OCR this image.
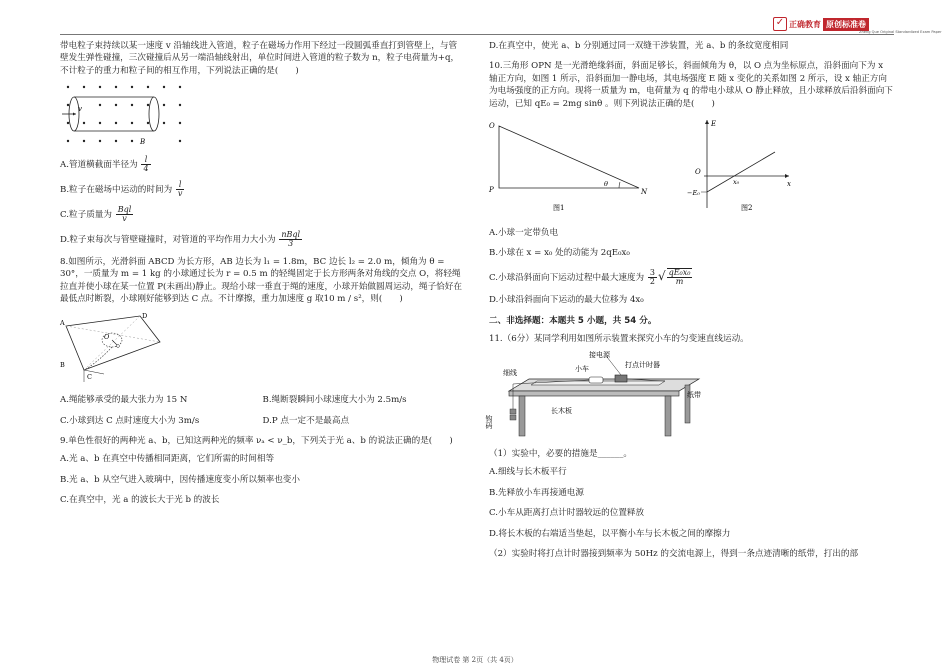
✓ 正确教育 原创标准卷
Zheng Que Original Standardized Exam Paper

带电粒子束持续以某一速度 v 沿轴线进入管道，粒子在磁场力作用下经过一段圆弧垂直打到管壁上，与管壁发生弹性碰撞，三次碰撞后从另一端沿轴线射出，单位时间进入管道的粒子数为 n，粒子电荷量为+q，不计粒子的重力和粒子间的相互作用，下列说法正确的是(　　)

v
B
A.管道横截面半径为 $\frac{l}{4}$
B.粒子在磁场中运动的时间为 $\frac{l}{v}$
C.粒子质量为 $\frac{\text{Bql}}{v}$
D.粒子束每次与管壁碰撞时，对管道的平均作用力大小为 $\frac{\text{nBql}}{3}$

8.如图所示，光滑斜面 ABCD 为长方形，AB 边长为 l₁ = 1.8m，BC 边长 l₂ = 2.0 m，倾角为 θ = 30°，一质量为 m = 1 kg 的小球通过长为 r = 0.5 m 的轻绳固定于长方形两条对角线的交点 O，将轻绳拉直并使小球在某一位置 P(未画出)静止。现给小球一垂直于绳的速度，小球开始做圆周运动，绳子恰好在最低点时断裂，小球刚好能够到达 C 点。不计摩擦，重力加速度 g 取10 m / s²，则(　　)

A
D
B
C
O
A.绳能够承受的最大张力为 15 N	B.绳断裂瞬间小球速度大小为 2.5m/s
C.小球到达 C 点时速度大小为 3m/s	D.P 点一定不是最高点

9.单色性很好的两种光 a、b，已知这两种光的频率 νₐ < ν_b，下列关于光 a、b 的说法正确的是(　　)

A.光 a、b 在真空中传播相同距离，它们所需的时间相等
B.光 a、b 从空气进入玻璃中，因传播速度变小所以频率也变小
C.在真空中，光 a 的波长大于光 b 的波长
D.在真空中，使光 a、b 分别通过同一双缝干涉装置，光 a、b 的条纹宽度相同

10.三角形 OPN 是一光滑绝缘斜面，斜面足够长，斜面倾角为 θ，以 O 点为坐标原点，沿斜面向下为 x 轴正方向，如图 1 所示，沿斜面加一静电场，其电场强度 E 随 x 变化的关系如图 2 所示，设 x 轴正方向为电场强度的正方向。现将一质量为 m，电荷量为 q 的带电小球从 O 静止释放，且小球释放后沿斜面向下运动，已知 qE₀ = 2mg sinθ 。则下列说法正确的是(　　)

O
P	N
θ
图1
E
O
x
x₀
−E₀
图2
A.小球一定带负电
B.小球在 x = x₀ 处的动能为 2qE₀x₀
C.小球沿斜面向下运动过程中最大速度为 $\frac{3}{2}$ √ $\frac{\text{qE₀x₀}}{m}$
D.小球沿斜面向下运动的最大位移为 4x₀
二、非选择题：本题共 5 小题，共 54 分。

11.（6分）某同学利用如图所示装置来探究小车的匀变速直线运动。

接电源
小车	打点计时器
细线
纸带
钩码
长木板

（1）实验中，必要的措施是______。

A.细线与长木板平行
B.先释放小车再接通电源
C.小车从距离打点计时器较远的位置释放
D.将长木板的右端适当垫起，以平衡小车与长木板之间的摩擦力

（2）实验时将打点计时器接到频率为 50Hz 的交流电源上，得到一条点迹清晰的纸带，打出的部

物理试卷 第 2页（共 4页）
